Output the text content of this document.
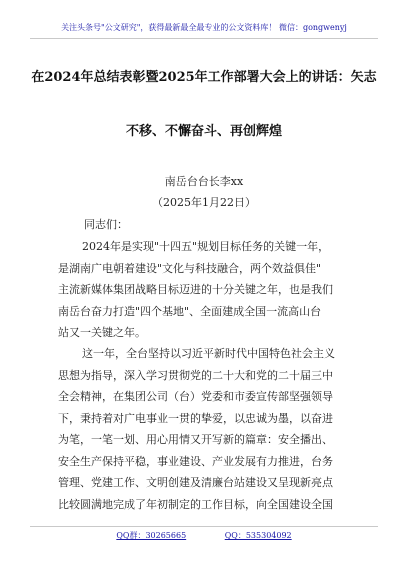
关注头条号"公文研究"，获得最新最全最专业的公文资料库！ 微信：gongwenyj
在2024年总结表彰暨2025年工作部署大会上的讲话：矢志
不移、不懈奋斗、再创辉煌
南岳台台长李xx
（2025年1月22日）
同志们：
2024年是实现"十四五"规划目标任务的关键一年，
是湖南广电朝着建设"文化与科技融合，两个效益俱佳"
主流新媒体集团战略目标迈进的十分关键之年，也是我们
南岳台奋力打造"四个基地"、全面建成全国一流高山台
站又一关键之年。
这一年，全台坚持以习近平新时代中国特色社会主义
思想为指导，深入学习贯彻党的二十大和党的二十届三中
全会精神，在集团公司（台）党委和市委宣传部坚强领导
下，秉持着对广电事业一贯的挚爱，以忠诚为墨，以奋进
为笔，一笔一划、用心用情又开写新的篇章：安全播出、
安全生产保持平稳，事业建设、产业发展有力推进，台务
管理、党建工作、文明创建及清廉台站建设又呈现新亮点
比较圆满地完成了年初制定的工作目标，向全国建设全国
QQ群：30265665	QQ：535304092
